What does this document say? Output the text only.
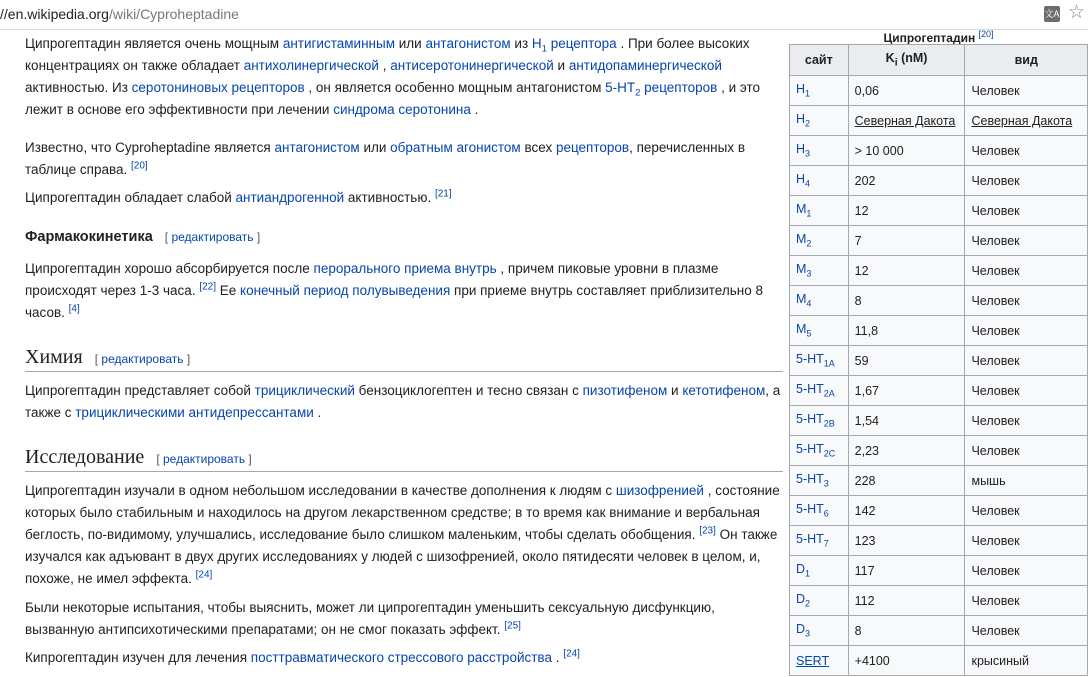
//en.wikipedia.org/wiki/Cyproheptadine	文A ☆

Ципрогептадин является очень мощным антигистаминным или антагонистом из $H_1$ рецептора . При более высоких концентрациях он также обладает антихолинергической , антисеротонинергической и антидопаминергической активностью. Из серотониновых рецепторов , он является особенно мощным антагонистом $5-HT_2$ рецепторов , и это лежит в основе его эффективности при лечении синдрома серотонина .

Известно, что Cyproheptadine является антагонистом или обратным агонистом всех рецепторов, перечисленных в таблице справа. [20]

Ципрогептадин обладает слабой антиандрогенной активностью. [21]

Фармакокинетика [ редактировать ]

Ципрогептадин хорошо абсорбируется после перорального приема внутрь , причем пиковые уровни в плазме происходят через 1-3 часа. [22] Ее конечный период полувыведения при приеме внутрь составляет приблизительно 8 часов. [4]

Химия [ редактировать ]

Ципрогептадин представляет собой трициклический бензоциклогептен и тесно связан с пизотифеном и кетотифеном, а также с трициклическими антидепрессантами .

Исследование [ редактировать ]

Ципрогептадин изучали в одном небольшом исследовании в качестве дополнения к людям с шизофренией , состояние которых было стабильным и находилось на другом лекарственном средстве; в то время как внимание и вербальная беглость, по-видимому, улучшались, исследование было слишком маленьким, чтобы сделать обобщения. [23] Он также изучался как адъювант в двух других исследованиях у людей с шизофренией, около пятидесяти человек в целом, и, похоже, не имел эффекта. [24]

Были некоторые испытания, чтобы выяснить, может ли ципрогептадин уменьшить сексуальную дисфункцию, вызванную антипсихотическими препаратами; он не смог показать эффект. [25]

Кипрогептадин изучен для лечения посттравматического стрессового расстройства . [24]

Ципрогептадин [20]
сайт	$K_i$ (nM)	вид
$H_1$	0,06	Человек
$H_2$	Северная Дакота	Северная Дакота
$H_3$	> 10 000	Человек
$H_4$	202	Человек
$M_1$	12	Человек
$M_2$	7	Человек
$M_3$	12	Человек
$M_4$	8	Человек
$M_5$	11,8	Человек
$5-HT_{1A}$	59	Человек
$5-HT_{2A}$	1,67	Человек
$5-HT_{2B}$	1,54	Человек
$5-HT_{2C}$	2,23	Человек
$5-HT_3$	228	мышь
$5-HT_6$	142	Человек
$5-HT_7$	123	Человек
$D_1$	117	Человек
$D_2$	112	Человек
$D_3$	8	Человек
SERT	+4100	крысиный
